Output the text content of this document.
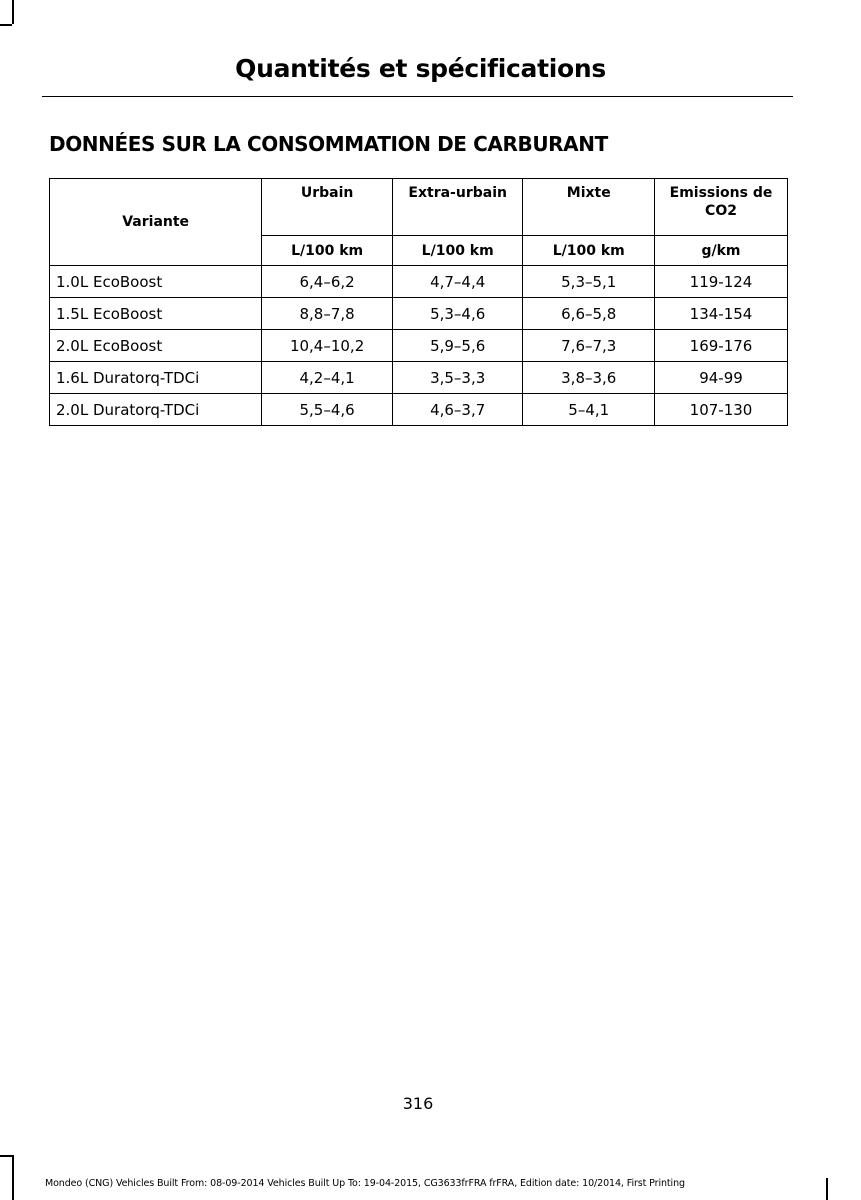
Quantités et spécifications
DONNÉES SUR LA CONSOMMATION DE CARBURANT
Variante	Urbain	Extra-urbain	Mixte	Emissions de CO2
	L/100 km	L/100 km	L/100 km	g/km
1.0L EcoBoost	6,4–6,2	4,7–4,4	5,3–5,1	119-124
1.5L EcoBoost	8,8–7,8	5,3–4,6	6,6–5,8	134-154
2.0L EcoBoost	10,4–10,2	5,9–5,6	7,6–7,3	169-176
1.6L Duratorq-TDCi	4,2–4,1	3,5–3,3	3,8–3,6	94-99
2.0L Duratorq-TDCi	5,5–4,6	4,6–3,7	5–4,1	107-130
316
Mondeo (CNG) Vehicles Built From: 08-09-2014 Vehicles Built Up To: 19-04-2015, CG3633frFRA frFRA, Edition date: 10/2014, First Printing
